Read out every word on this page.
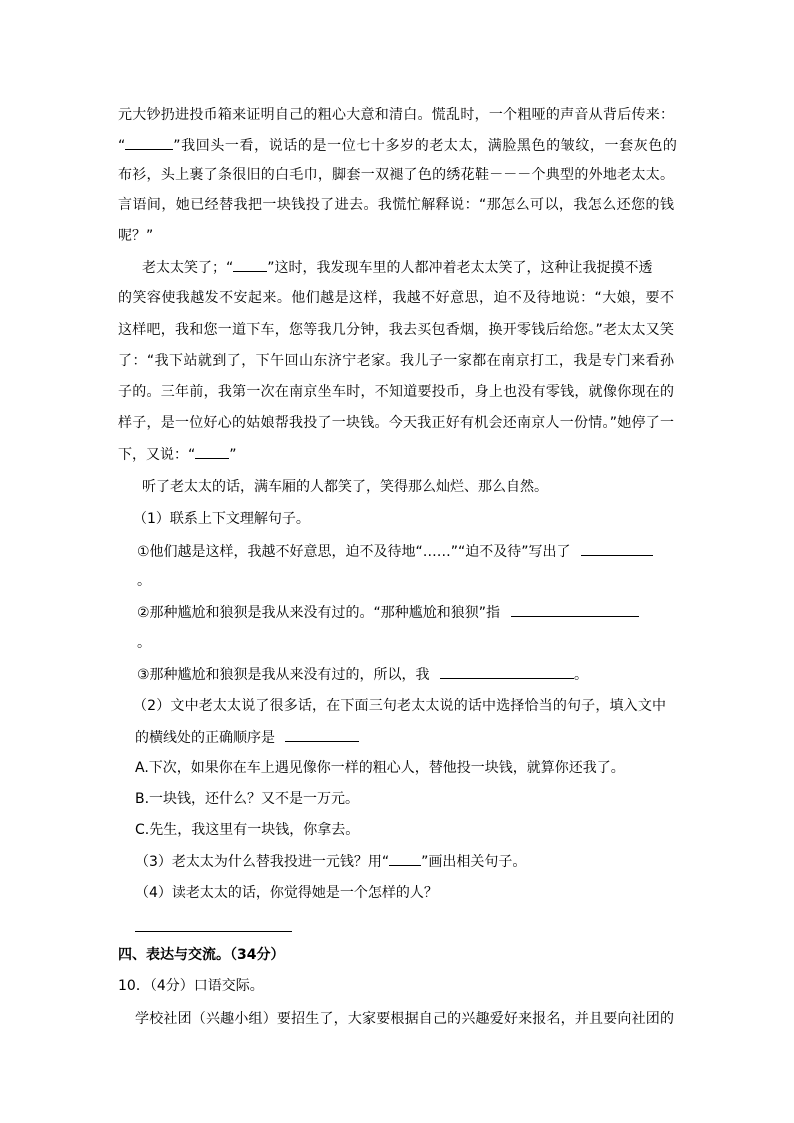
元大钞扔进投币箱来证明自己的粗心大意和清白。慌乱时，一个粗哑的声音从背后传来：
“	”我回头一看，说话的是一位七十多岁的老太太，满脸黑色的皱纹，一套灰色的
布衫，头上裹了条很旧的白毛巾，脚套一双褪了色的绣花鞋－－－个典型的外地老太太。
言语间，她已经替我把一块钱投了进去。我慌忙解释说：“那怎么可以，我怎么还您的钱
呢？”
老太太笑了；“ ”这时，我发现车里的人都冲着老太太笑了，这种让我捉摸不透
的笑容使我越发不安起来。他们越是这样，我越不好意思，迫不及待地说：“大娘，要不
这样吧，我和您一道下车，您等我几分钟，我去买包香烟，换开零钱后给您。”老太太又笑
了：“我下站就到了，下午回山东济宁老家。我儿子一家都在南京打工，我是专门来看孙
子的。三年前，我第一次在南京坐车时，不知道要投币，身上也没有零钱，就像你现在的
样子，是一位好心的姑娘帮我投了一块钱。今天我正好有机会还南京人一份情。”她停了一
下，又说：“ ”
听了老太太的话，满车厢的人都笑了，笑得那么灿烂、那么自然。
（1）联系上下文理解句子。
①他们越是这样，我越不好意思，迫不及待地“……”“迫不及待”写出了
。
②那种尴尬和狼狈是我从来没有过的。“那种尴尬和狼狈”指
。
③那种尴尬和狼狈是我从来没有过的，所以，我	。
（2）文中老太太说了很多话，在下面三句老太太说的话中选择恰当的句子，填入文中
的横线处的正确顺序是
A.下次，如果你在车上遇见像你一样的粗心人，替他投一块钱，就算你还我了。
B.一块钱，还什么？又不是一万元。
C.先生，我这里有一块钱，你拿去。
（3）老太太为什么替我投进一元钱？用“ ”画出相关句子。
（4）读老太太的话，你觉得她是一个怎样的人？
四、表达与交流。（34分）
10．（4分）口语交际。
学校社团（兴趣小组）要招生了，大家要根据自己的兴趣爱好来报名，并且要向社团的
